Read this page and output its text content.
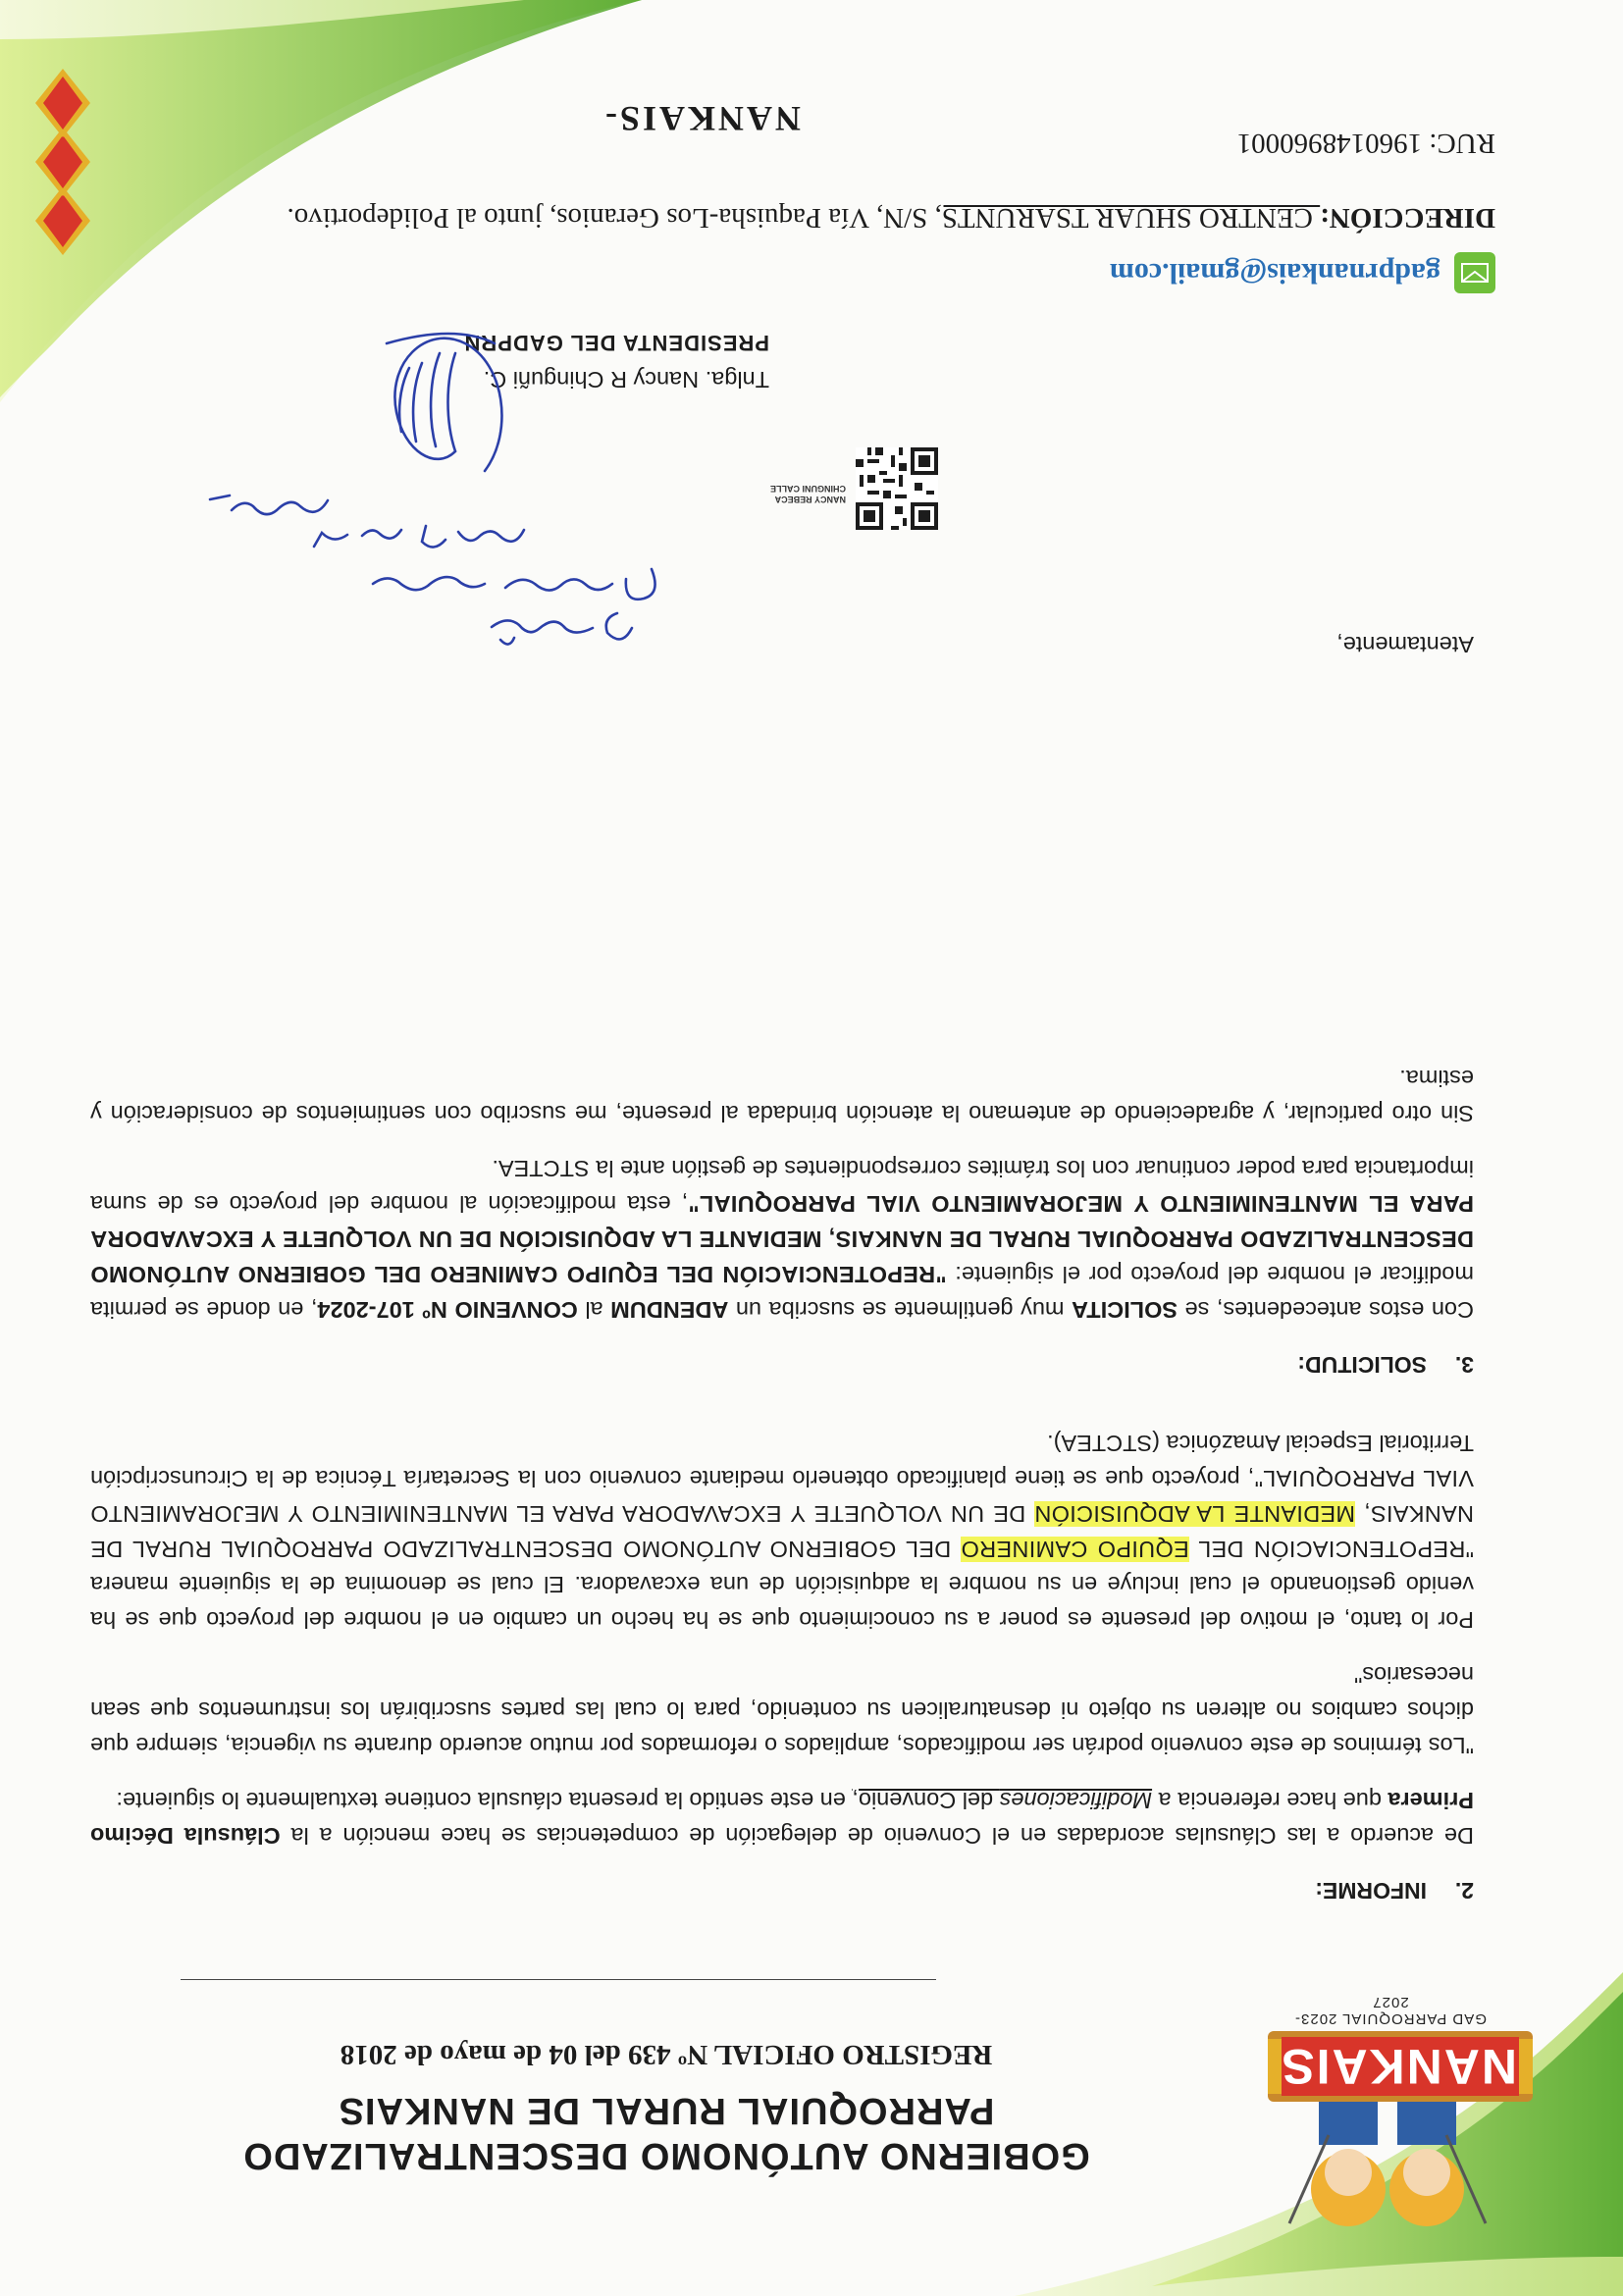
NANKAIS
GAD PARROQUIAL 2023-2027

GOBIERNO AUTÓNOMO DESCENTRALIZADO

PARROQUIAL RURAL DE NANKAIS

REGISTRO OFICIAL Nº 439 del 04 de mayo de 2018

2.INFORME:

De acuerdo a las Cláusulas acordadas en el Convenio de delegación de competencias se hace mención a la Cláusula Décimo Primera que hace referencia a Modificaciones del Convenio, en este sentido la presenta cláusula contiene textualmente lo siguiente:

"Los términos de este convenio podrán ser modificados, ampliados o reformados por mutuo acuerdo durante su vigencia, siempre que dichos cambios no alteren su objeto ni desnaturalicen su contenido, para lo cual las partes suscribirán los instrumentos que sean necesarios"

Por lo tanto, el motivo del presente es poner a su conocimiento que se ha hecho un cambio en el nombre del proyecto que se ha venido gestionando el cual incluye en su nombre la adquisición de una excavadora. El cual se denomina de la siguiente manera "REPOTENCIACIÓN DEL EQUIPO CAMINERO DEL GOBIERNO AUTÓNOMO DESCENTRALIZADO PARROQUIAL RURAL DE NANKAIS, MEDIANTE LA ADQUISICIÓN DE UN VOLQUETE Y EXCAVADORA PARA EL MANTENIMIENTO Y MEJORAMIENTO VIAL PARROQUIAL", proyecto que se tiene planificado obtenerlo mediante convenio con la Secretaría Técnica de la Circunscripción Territorial Especial Amazónica (STCTEA).

3.SOLICITUD:

Con estos antecedentes, se SOLICITA muy gentilmente se suscriba un ADENDUM al CONVENIO Nº 107-2024, en donde se permita modificar el nombre del proyecto por el siguiente: "REPOTENCIACIÓN DEL EQUIPO CAMINERO DEL GOBIERNO AUTÓNOMO DESCENTRALIZADO PARROQUIAL RURAL DE NANKAIS, MEDIANTE LA ADQUISICIÓN DE UN VOLQUETE Y EXCAVADORA PARA EL MANTENIMIENTO Y MEJORAMIENTO VIAL PARROQUIAL", esta modificación al nombre del proyecto es de suma importancia para poder continuar con los trámites correspondientes de gestión ante la STCTEA.

Sin otro particular, y agradeciendo de antemano la atención brindada al presente, me suscribo con sentimientos de consideración y estima.

Atentamente,
NANCY REBECA
CHINGUNI CALLE
Tnlga. Nancy R Chinguñi C.
PRESIDENTA DEL GADPRN
gadprnankais@gmail.com
DIRECCIÓN: CENTRO SHUAR TSARUNTS, S/N, Vía Paquisha-Los Geranios, junto al Polideportivo.
RUC: 1960148960001
NANKAIS-
